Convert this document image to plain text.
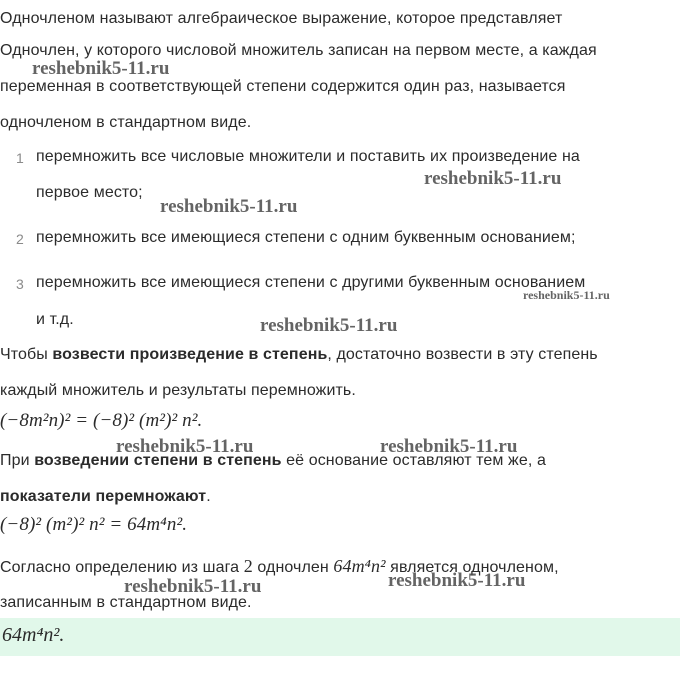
Одночленом называют алгебраическое выражение, которое представляет
Одночлен, у которого числовой множитель записан на первом месте, а каждая
переменная в соответствующей степени содержится один раз, называется
одночленом в стандартном виде.
1 перемножить все числовые множители и поставить их произведение на
первое место;
2 перемножить все имеющиеся степени с одним буквенным основанием;
3 перемножить все имеющиеся степени с другими буквенным основанием
и т.д.
Чтобы возвести произведение в степень, достаточно возвести в эту степень
каждый множитель и результаты перемножить.
(−8m²n)² = (−8)² (m²)² n².
При возведении степени в степень её основание оставляют тем же, а
показатели перемножают.
(−8)² (m²)² n² = 64m⁴n².
Согласно определению из шага 2 одночлен 64m⁴n² является одночленом,
записанным в стандартном виде.
64m⁴n².
reshebnik5-11.ru
reshebnik5-11.ru
reshebnik5-11.ru
reshebnik5-11.ru
reshebnik5-11.ru
reshebnik5-11.ru	reshebnik5-11.ru
reshebnik5-11.ru	reshebnik5-11.ru
